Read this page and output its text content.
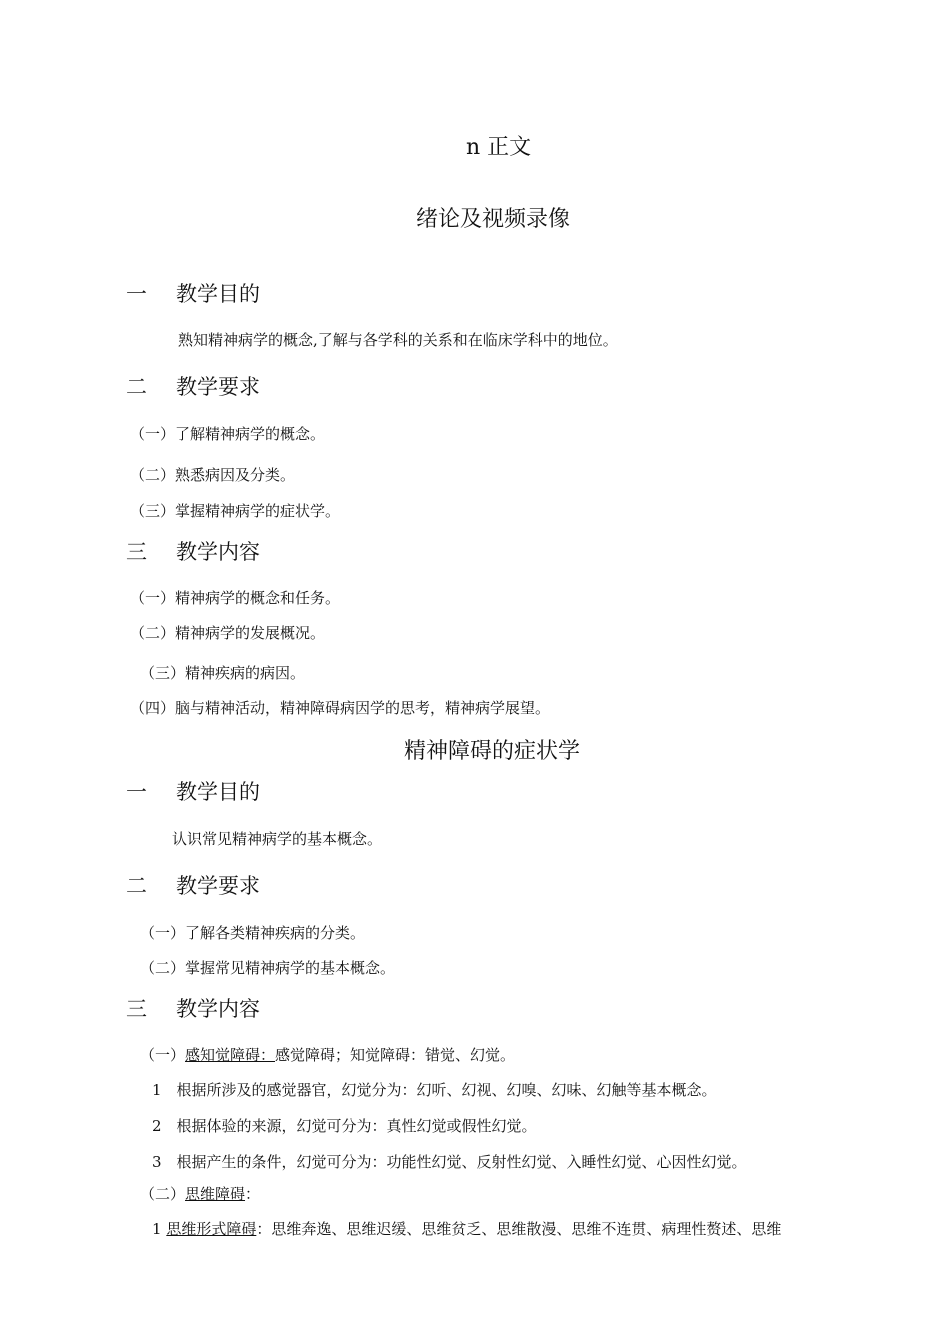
n 正文
绪论及视频录像
一 教学目的
熟知精神病学的概念,了解与各学科的关系和在临床学科中的地位。
二 教学要求
（一）了解精神病学的概念。
（二）熟悉病因及分类。
（三）掌握精神病学的症状学。
三 教学内容
（一）精神病学的概念和任务。
（二）精神病学的发展概况。
（三）精神疾病的病因。
（四）脑与精神活动，精神障碍病因学的思考，精神病学展望。
精神障碍的症状学
一 教学目的
认识常见精神病学的基本概念。
二 教学要求
（一）了解各类精神疾病的分类。
（二）掌握常见精神病学的基本概念。
三 教学内容
（一）感知觉障碍：感觉障碍；知觉障碍：错觉、幻觉。
1　根据所涉及的感觉器官，幻觉分为：幻听、幻视、幻嗅、幻味、幻触等基本概念。
2　根据体验的来源，幻觉可分为：真性幻觉或假性幻觉。
3　根据产生的条件，幻觉可分为：功能性幻觉、反射性幻觉、入睡性幻觉、心因性幻觉。
（二）思维障碍：
1 思维形式障碍：思维奔逸、思维迟缓、思维贫乏、思维散漫、思维不连贯、病理性赘述、思维
